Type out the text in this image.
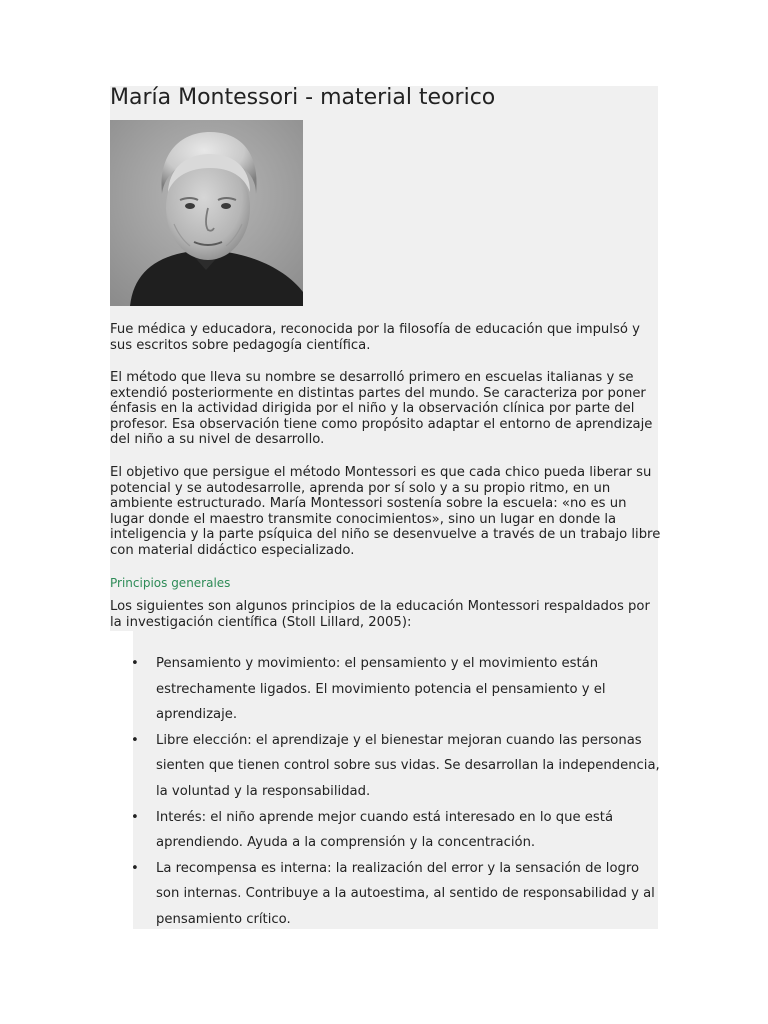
María Montessori - material teorico

Fue médica y educadora, reconocida por la filosofía de educación que impulsó y sus escritos sobre pedagogía científica.

El método que lleva su nombre se desarrolló primero en escuelas italianas y se extendió posteriormente en distintas partes del mundo. Se caracteriza por poner énfasis en la actividad dirigida por el niño y la observación clínica por parte del profesor. Esa observación tiene como propósito adaptar el entorno de aprendizaje del niño a su nivel de desarrollo.

El objetivo que persigue el método Montessori es que cada chico pueda liberar su potencial y se autodesarrolle, aprenda por sí solo y a su propio ritmo, en un ambiente estructurado. María Montessori sostenía sobre la escuela: «no es un lugar donde el maestro transmite conocimientos», sino un lugar en donde la inteligencia y la parte psíquica del niño se desenvuelve a través de un trabajo libre con material didáctico especializado.

Principios generales

Los siguientes son algunos principios de la educación Montessori respaldados por la investigación científica (Stoll Lillard, 2005):

• Pensamiento y movimiento: el pensamiento y el movimiento están estrechamente ligados. El movimiento potencia el pensamiento y el aprendizaje.
• Libre elección: el aprendizaje y el bienestar mejoran cuando las personas sienten que tienen control sobre sus vidas. Se desarrollan la independencia, la voluntad y la responsabilidad.
• Interés: el niño aprende mejor cuando está interesado en lo que está aprendiendo. Ayuda a la comprensión y la concentración.
• La recompensa es interna: la realización del error y la sensación de logro son internas. Contribuye a la autoestima, al sentido de responsabilidad y al pensamiento crítico.
